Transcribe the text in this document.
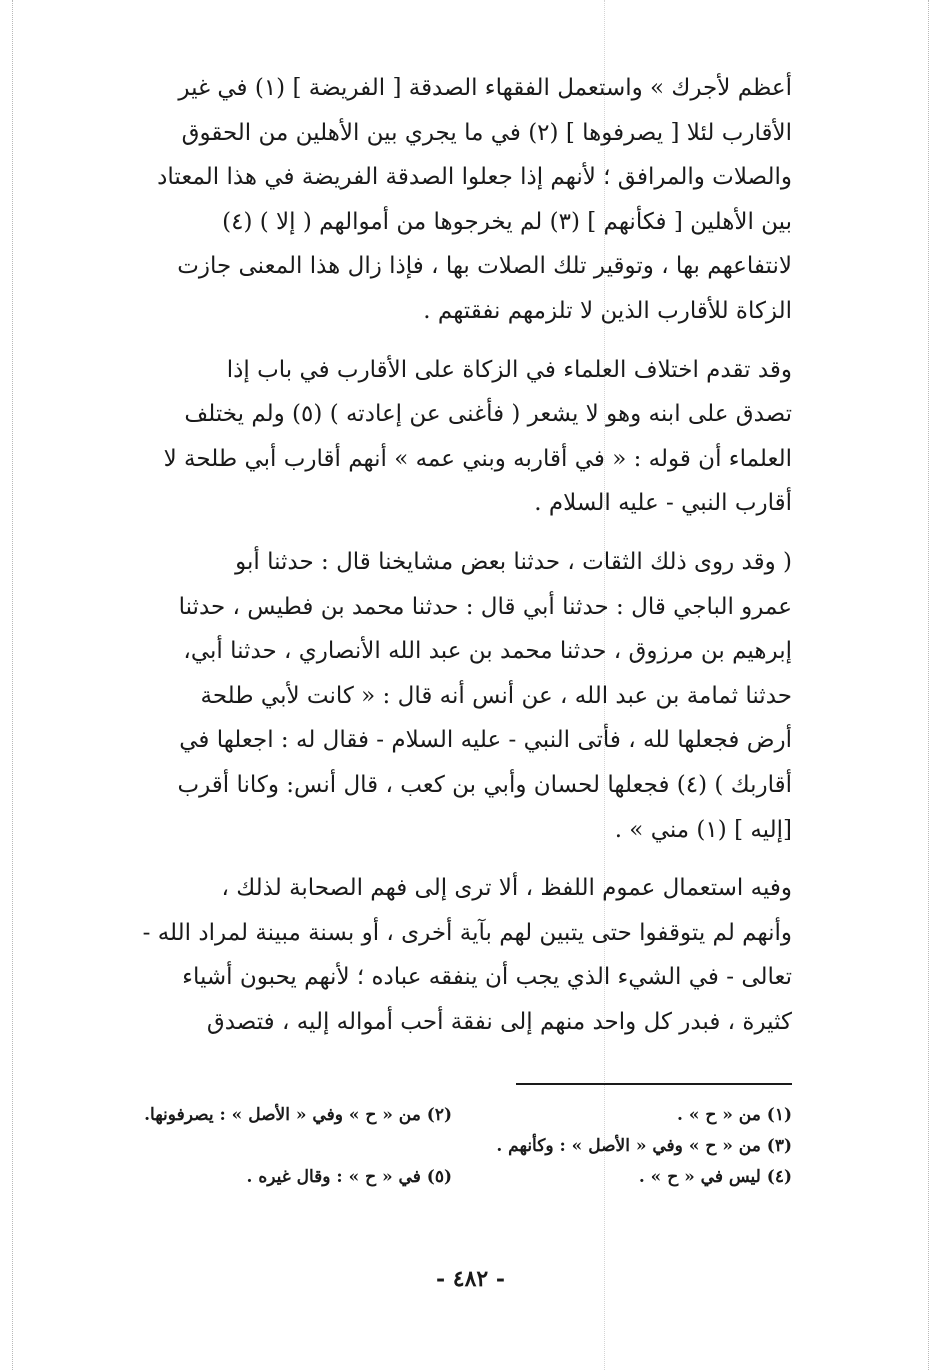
أعظم لأجرك » واستعمل الفقهاء الصدقة [ الفريضة ] (١) في غير
الأقارب لئلا [ يصرفوها ] (٢) في ما يجري بين الأهلين من الحقوق
والصلات والمرافق ؛ لأنهم إذا جعلوا الصدقة الفريضة في هذا المعتاد
بين الأهلين [ فكأنهم ] (٣) لم يخرجوها من أموالهم ( إلا ) (٤)
لانتفاعهم بها ، وتوقير تلك الصلات بها ، فإذا زال هذا المعنى جازت
الزكاة للأقارب الذين لا تلزمهم نفقتهم .

وقد تقدم اختلاف العلماء في الزكاة على الأقارب في باب إذا
تصدق على ابنه وهو لا يشعر ( فأغنى عن إعادته ) (٥) ولم يختلف
العلماء أن قوله : « في أقاربه وبني عمه » أنهم أقارب أبي طلحة لا
أقارب النبي - عليه السلام .

( وقد روى ذلك الثقات ، حدثنا بعض مشايخنا قال : حدثنا أبو
عمرو الباجي قال : حدثنا أبي قال : حدثنا محمد بن فطيس ، حدثنا
إبرهيم بن مرزوق ، حدثنا محمد بن عبد الله الأنصاري ، حدثنا أبي،
حدثنا ثمامة بن عبد الله ، عن أنس أنه قال : « كانت لأبي طلحة
أرض فجعلها لله ، فأتى النبي - عليه السلام - فقال له : اجعلها في
أقاربك ) (٤) فجعلها لحسان وأبي بن كعب ، قال أنس: وكانا أقرب
[إليه ] (١) مني » .

وفيه استعمال عموم اللفظ ، ألا ترى إلى فهم الصحابة لذلك ،
وأنهم لم يتوقفوا حتى يتبين لهم بآية أخرى ، أو بسنة مبينة لمراد الله -
تعالى - في الشيء الذي يجب أن ينفقه عباده ؛ لأنهم يحبون أشياء
كثيرة ، فبدر كل واحد منهم إلى نفقة أحب أمواله إليه ، فتصدق

(١) من « ح » .
(٢) من « ح » وفي « الأصل » : يصرفونها.
(٣) من « ح » وفي « الأصل » : وكأنهم .
(٤) ليس في « ح » .
(٥) في « ح » : وقال غيره .
- ٤٨٢ -
